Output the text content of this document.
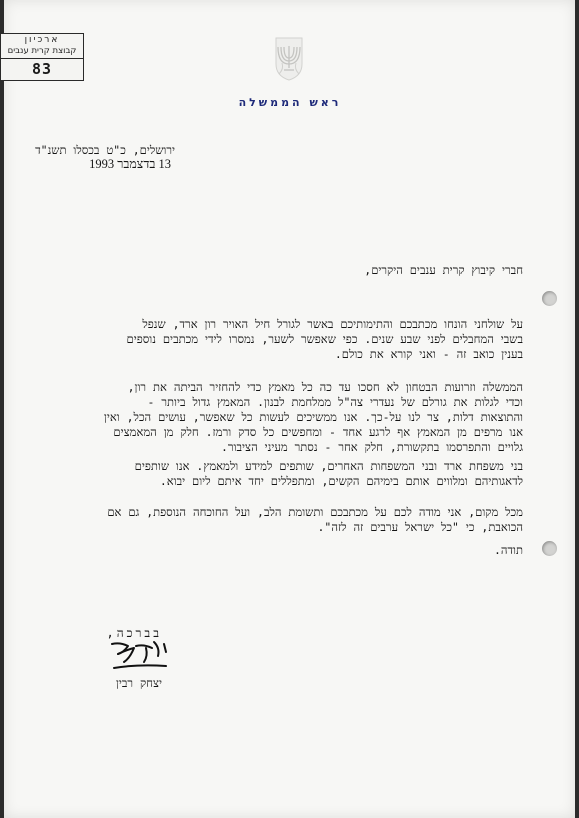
ארכיון
קבוצת קרית ענבים
83
ראש הממשלה
ירושלים, כ"ט בכסלו תשנ"ד
13 בדצמבר 1993
חברי קיבוץ קרית ענבים היקרים,
על שולחני הונחו מכתבכם והתימותיכם באשר לגורל חיל האויר רון ארד, שנפל
בשבי המחבלים לפני שבע שנים. כפי שאפשר לשער, נמסרו לידי מכתבים נוספים
בענין כואב זה - ואני קורא את כולם.
הממשלה וזרועות הבטחון לא חסכו עד כה כל מאמץ כדי להחזיר הביתה את רון,
וכדי לגלות את גורלם של נעדרי צה"ל ממלחמת לבנון. המאמץ גדול ביותר -
והתוצאות דלות, צר לנו על-כך. אנו ממשיכים לעשות כל שאפשר, עושים הכל, ואין
אנו מרפים מן המאמץ אף לרגע אחד - ומחפשים כל סדק ורמז. חלק מן המאמצים
גלויים והתפרסמו בתקשורת, חלק אחר - נסתר מעיני הציבור.
בני משפחת ארד ובני המשפחות האחרים, שותפים למידע ולמאמץ. אנו שותפים
לדאגותיהם ומלווים אותם בימיהם הקשים, ומתפללים יחד איתם ליום יבוא.
מכל מקום, אני מודה לכם על מכתבכם ותשומת הלב, ועל החוכחה הנוספת, גם אם
הכואבת, כי "כל ישראל ערבים זה לזה".
תודה.
בברכה,
יצחק רבין
